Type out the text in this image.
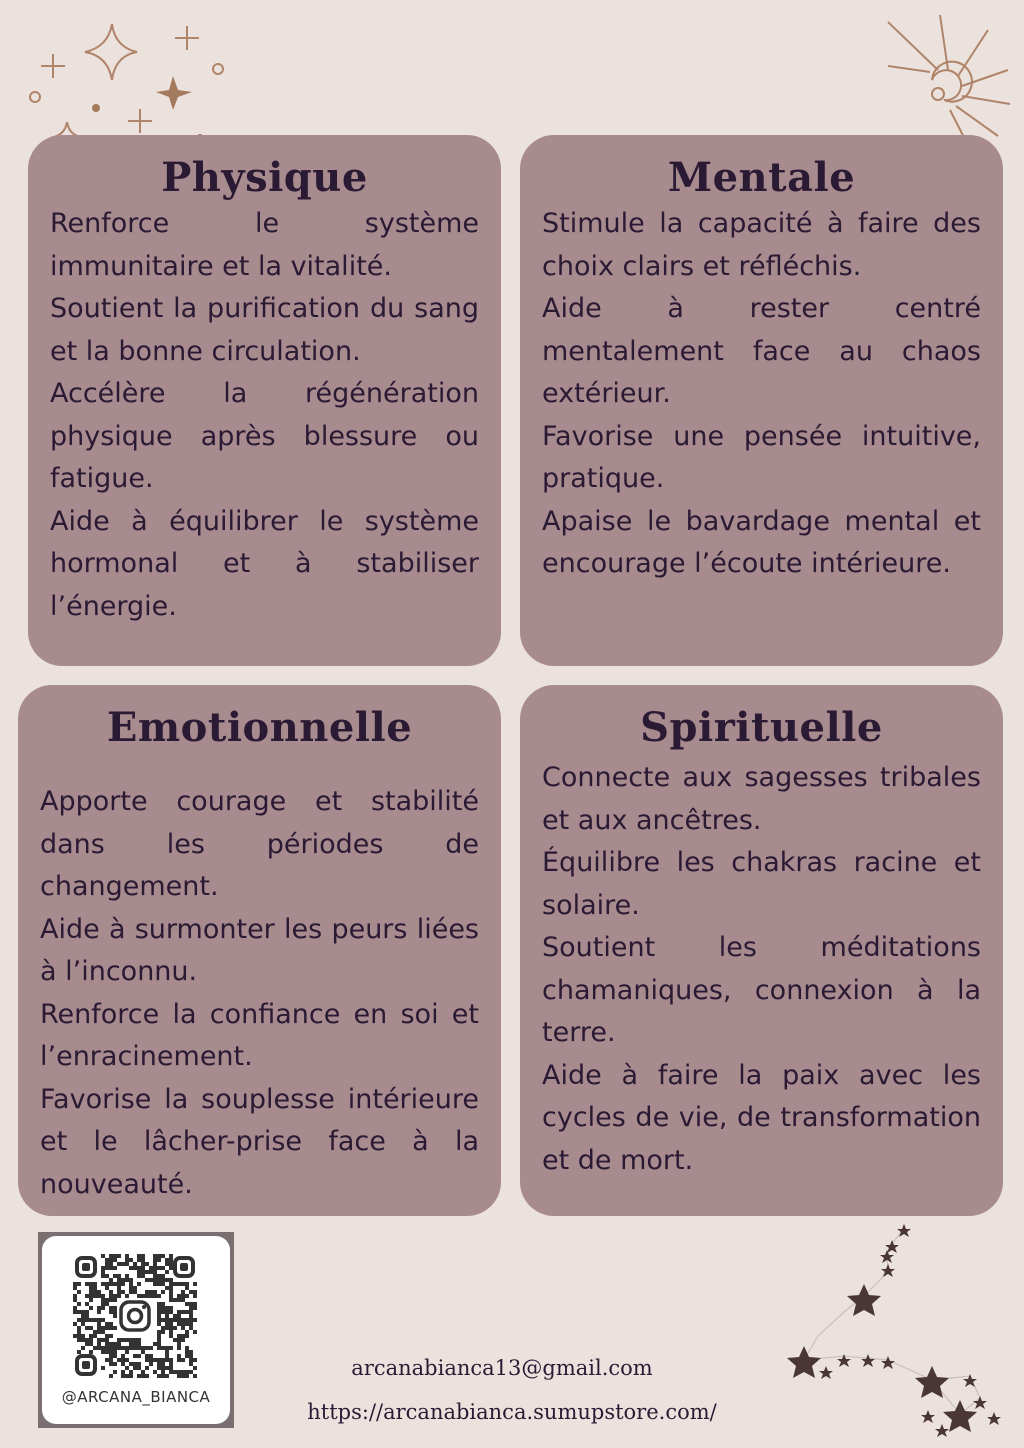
Physique

Renforce le système immunitaire et la vitalité.

Soutient la purification du sang et la bonne circulation.

Accélère la régénération physique après blessure ou fatigue.

Aide à équilibrer le système hormonal et à stabiliser l’énergie.

Mentale

Stimule la capacité à faire des choix clairs et réfléchis.

Aide à rester centré mentalement face au chaos extérieur.

Favorise une pensée intuitive, pratique.

Apaise le bavardage mental et encourage l’écoute intérieure.

Emotionnelle

Apporte courage et stabilité dans les périodes de changement.

Aide à surmonter les peurs liées à l’inconnu.

Renforce la confiance en soi et l’enracinement.

Favorise la souplesse intérieure et le lâcher-prise face à la nouveauté.

Spirituelle

Connecte aux sagesses tribales et aux ancêtres.

Équilibre les chakras racine et solaire.

Soutient les méditations chamaniques, connexion à la terre.

Aide à faire la paix avec les cycles de vie, de transformation et de mort.

@ARCANA_BIANCA
arcanabianca13@gmail.com
https://arcanabianca.sumupstore.com/
